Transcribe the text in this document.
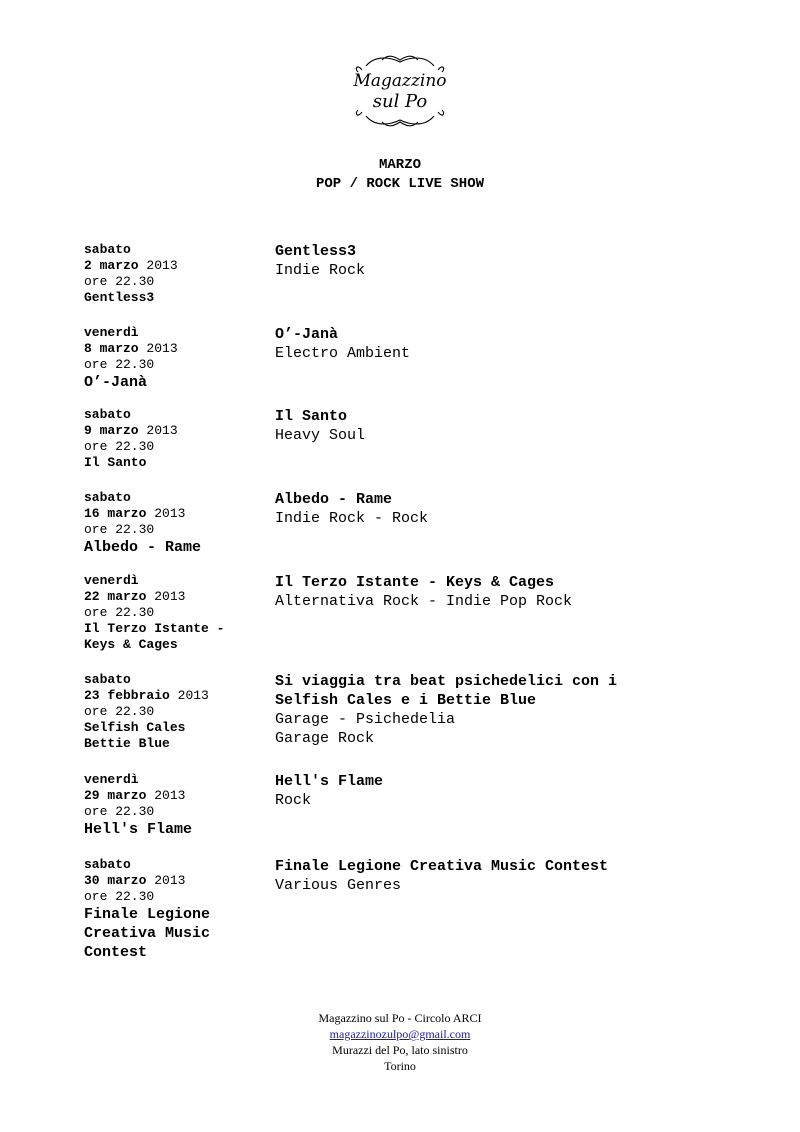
Magazzino
sul Po
MARZO
POP / ROCK LIVE SHOW
sabato
2 marzo 2013
ore 22.30
Gentless3
Gentless3
Indie Rock
venerdì
8 marzo 2013
ore 22.30
O’-Janà
O’-Janà
Electro Ambient
sabato
9 marzo 2013
ore 22.30
Il Santo
Il Santo
Heavy Soul
sabato
16 marzo 2013
ore 22.30
Albedo - Rame
Albedo - Rame
Indie Rock - Rock
venerdì
22 marzo 2013
ore 22.30
Il Terzo Istante -
Keys & Cages
Il Terzo Istante - Keys & Cages
Alternativa Rock - Indie Pop Rock
sabato
23 febbraio 2013
ore 22.30
Selfish Cales
Bettie Blue
Si viaggia tra beat psichedelici con i
Selfish Cales e i Bettie Blue
Garage - Psichedelia
Garage Rock
venerdì
29 marzo 2013
ore 22.30
Hell's Flame
Hell's Flame
Rock
sabato
30 marzo 2013
ore 22.30
Finale Legione
Creativa Music
Contest
Finale Legione Creativa Music Contest
Various Genres
Magazzino sul Po - Circolo ARCI
magazzinozulpo@gmail.com
Murazzi del Po, lato sinistro
Torino
